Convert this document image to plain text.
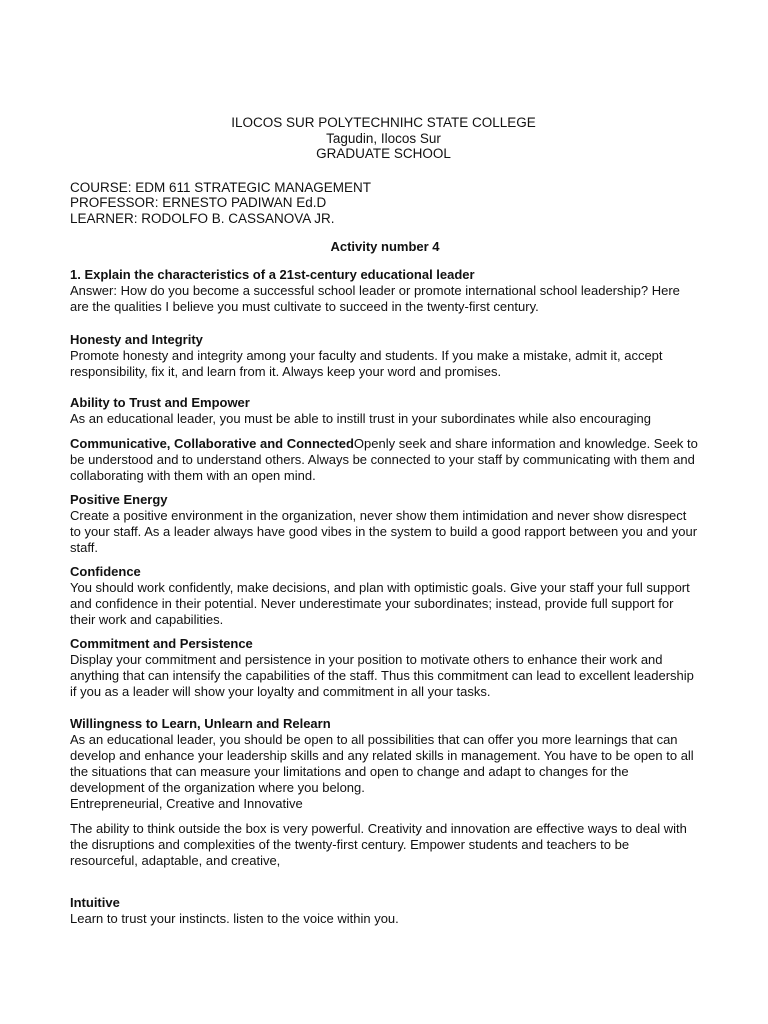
ILOCOS SUR POLYTECHNIHC STATE COLLEGE

Tagudin, Ilocos Sur

GRADUATE SCHOOL

COURSE: EDM 611 STRATEGIC MANAGEMENT

PROFESSOR: ERNESTO PADIWAN Ed.D

LEARNER: RODOLFO B. CASSANOVA JR.

Activity number 4

1. Explain the characteristics of a 21st-century educational leader

Answer: How do you become a successful school leader or promote international school leadership? Here are the qualities I believe you must cultivate to succeed in the twenty-first century.

Honesty and Integrity

Promote honesty and integrity among your faculty and students. If you make a mistake, admit it, accept responsibility, fix it, and learn from it. Always keep your word and promises.

Ability to Trust and Empower

As an educational leader, you must be able to instill trust in your subordinates while also encouraging

Communicative, Collaborative and ConnectedOpenly seek and share information and knowledge. Seek to be understood and to understand others. Always be connected to your staff by communicating with them and collaborating with them with an open mind.

Positive Energy

Create a positive environment in the organization, never show them intimidation and never show disrespect to your staff. As a leader always have good vibes in the system to build a good rapport between you and your staff.

Confidence

You should work confidently, make decisions, and plan with optimistic goals. Give your staff your full support and confidence in their potential. Never underestimate your subordinates; instead, provide full support for their work and capabilities.

Commitment and Persistence

Display your commitment and persistence in your position to motivate others to enhance their work and anything that can intensify the capabilities of the staff. Thus this commitment can lead to excellent leadership if you as a leader will show your loyalty and commitment in all your tasks.

Willingness to Learn, Unlearn and Relearn

As an educational leader, you should be open to all possibilities that can offer you more learnings that can develop and enhance your leadership skills and any related skills in management. You have to be open to all the situations that can measure your limitations and open to change and adapt to changes for the development of the organization where you belong.

Entrepreneurial, Creative and Innovative

The ability to think outside the box is very powerful. Creativity and innovation are effective ways to deal with the disruptions and complexities of the twenty-first century. Empower students and teachers to be resourceful, adaptable, and creative,

Intuitive

Learn to trust your instincts. listen to the voice within you.
